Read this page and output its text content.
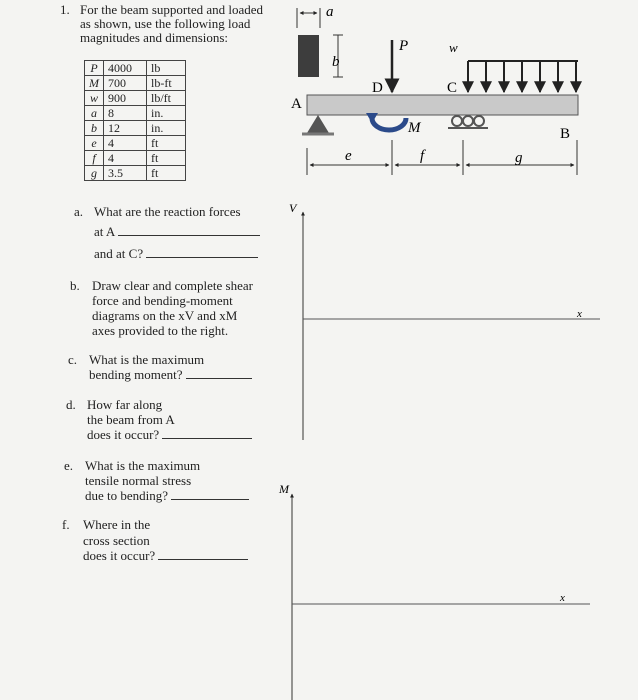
1. For the beam supported and loaded
as shown, use the following load
magnitudes and dimensions:
P	4000	lb
M	700	lb-ft
w	900	lb/ft
a	8	in.
b	12	in.
e	4	ft
f	4	ft
g	3.5	ft
a. What are the reaction forces
at A
and at C?
b. Draw clear and complete shear
force and bending-moment
diagrams on the xV and xM
axes provided to the right.
c. What is the maximum
bending moment?
d. How far along
the beam from A
does it occur?
e. What is the maximum
tensile normal stress
due to bending?
f. Where in the
cross section
does it occur?
a
b
A
B
P
D
M
w
C
e	f	g
V
x
M
x
